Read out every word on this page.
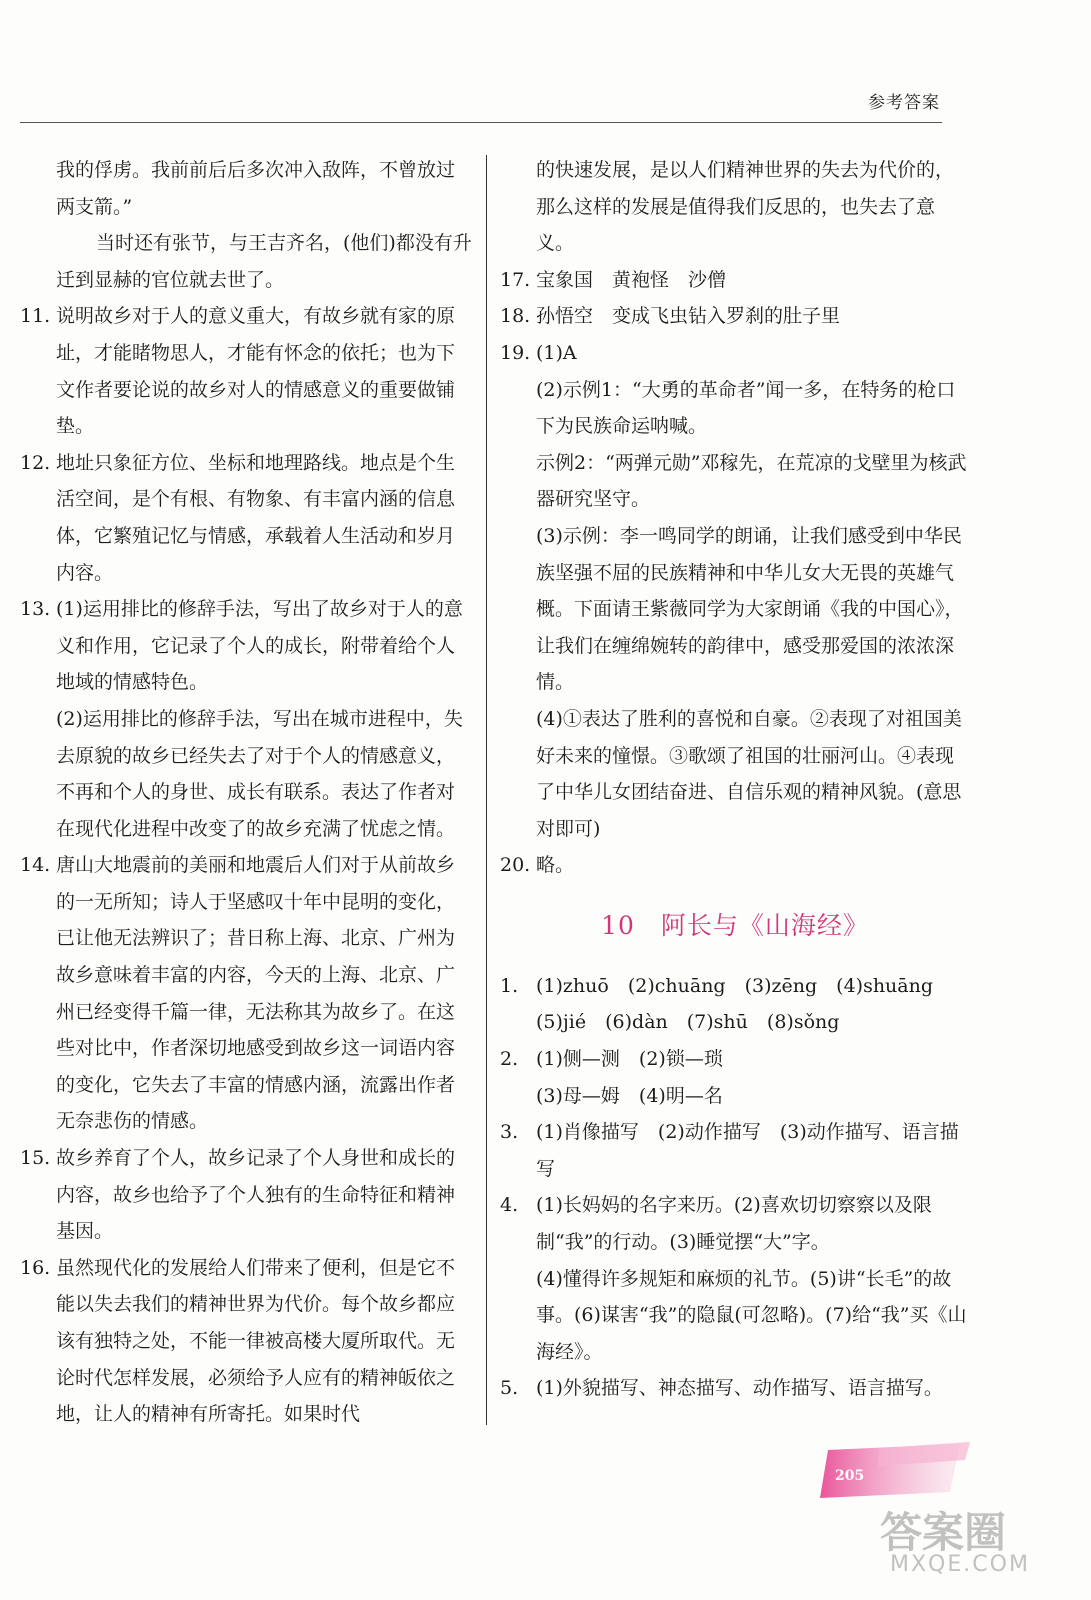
参考答案

我的俘虏。我前前后后多次冲入敌阵，不曾放过两支箭。”

当时还有张节，与王吉齐名，(他们)都没有升迁到显赫的官位就去世了。

11. 说明故乡对于人的意义重大，有故乡就有家的原址，才能睹物思人，才能有怀念的依托；也为下文作者要论说的故乡对人的情感意义的重要做铺垫。
12. 地址只象征方位、坐标和地理路线。地点是个生活空间，是个有根、有物象、有丰富内涵的信息体，它繁殖记忆与情感，承载着人生活动和岁月内容。
13. (1)运用排比的修辞手法，写出了故乡对于人的意义和作用，它记录了个人的成长，附带着给个人地域的情感特色。

(2)运用排比的修辞手法，写出在城市进程中，失去原貌的故乡已经失去了对于个人的情感意义，不再和个人的身世、成长有联系。表达了作者对在现代化进程中改变了的故乡充满了忧虑之情。

14. 唐山大地震前的美丽和地震后人们对于从前故乡的一无所知；诗人于坚感叹十年中昆明的变化，已让他无法辨识了；昔日称上海、北京、广州为故乡意味着丰富的内容，今天的上海、北京、广州已经变得千篇一律，无法称其为故乡了。在这些对比中，作者深切地感受到故乡这一词语内容的变化，它失去了丰富的情感内涵，流露出作者无奈悲伤的情感。
15. 故乡养育了个人，故乡记录了个人身世和成长的内容，故乡也给予了个人独有的生命特征和精神基因。
16. 虽然现代化的发展给人们带来了便利，但是它不能以失去我们的精神世界为代价。每个故乡都应该有独特之处，不能一律被高楼大厦所取代。无论时代怎样发展，必须给予人应有的精神皈依之地，让人的精神有所寄托。如果时代

的快速发展，是以人们精神世界的失去为代价的，那么这样的发展是值得我们反思的，也失去了意义。

17. 宝象国　黄袍怪　沙僧
18. 孙悟空　变成飞虫钻入罗刹的肚子里
19. (1)A

(2)示例1：“大勇的革命者”闻一多，在特务的枪口下为民族命运呐喊。

示例2：“两弹元勋”邓稼先，在荒凉的戈壁里为核武器研究坚守。

(3)示例：李一鸣同学的朗诵，让我们感受到中华民族坚强不屈的民族精神和中华儿女大无畏的英雄气概。下面请王紫薇同学为大家朗诵《我的中国心》，让我们在缠绵婉转的韵律中，感受那爱国的浓浓深情。

(4)①表达了胜利的喜悦和自豪。②表现了对祖国美好未来的憧憬。③歌颂了祖国的壮丽河山。④表现了中华儿女团结奋进、自信乐观的精神风貌。(意思对即可)

20. 略。
10　阿长与《山海经》
1. (1)zhuō　(2)chuāng　(3)zēng　(4)shuāng

(5)jié　(6)dàn　(7)shū　(8)sǒng

2. (1)侧—测　(2)锁—琐

(3)母—姆　(4)明—名

3. (1)肖像描写　(2)动作描写　(3)动作描写、语言描写
4. (1)长妈妈的名字来历。(2)喜欢切切察察以及限制“我”的行动。(3)睡觉摆“大”字。

(4)懂得许多规矩和麻烦的礼节。(5)讲“长毛”的故事。(6)谋害“我”的隐鼠(可忽略)。(7)给“我”买《山海经》。

5. (1)外貌描写、神态描写、动作描写、语言描写。
205
答案圈
MXQE.COM
